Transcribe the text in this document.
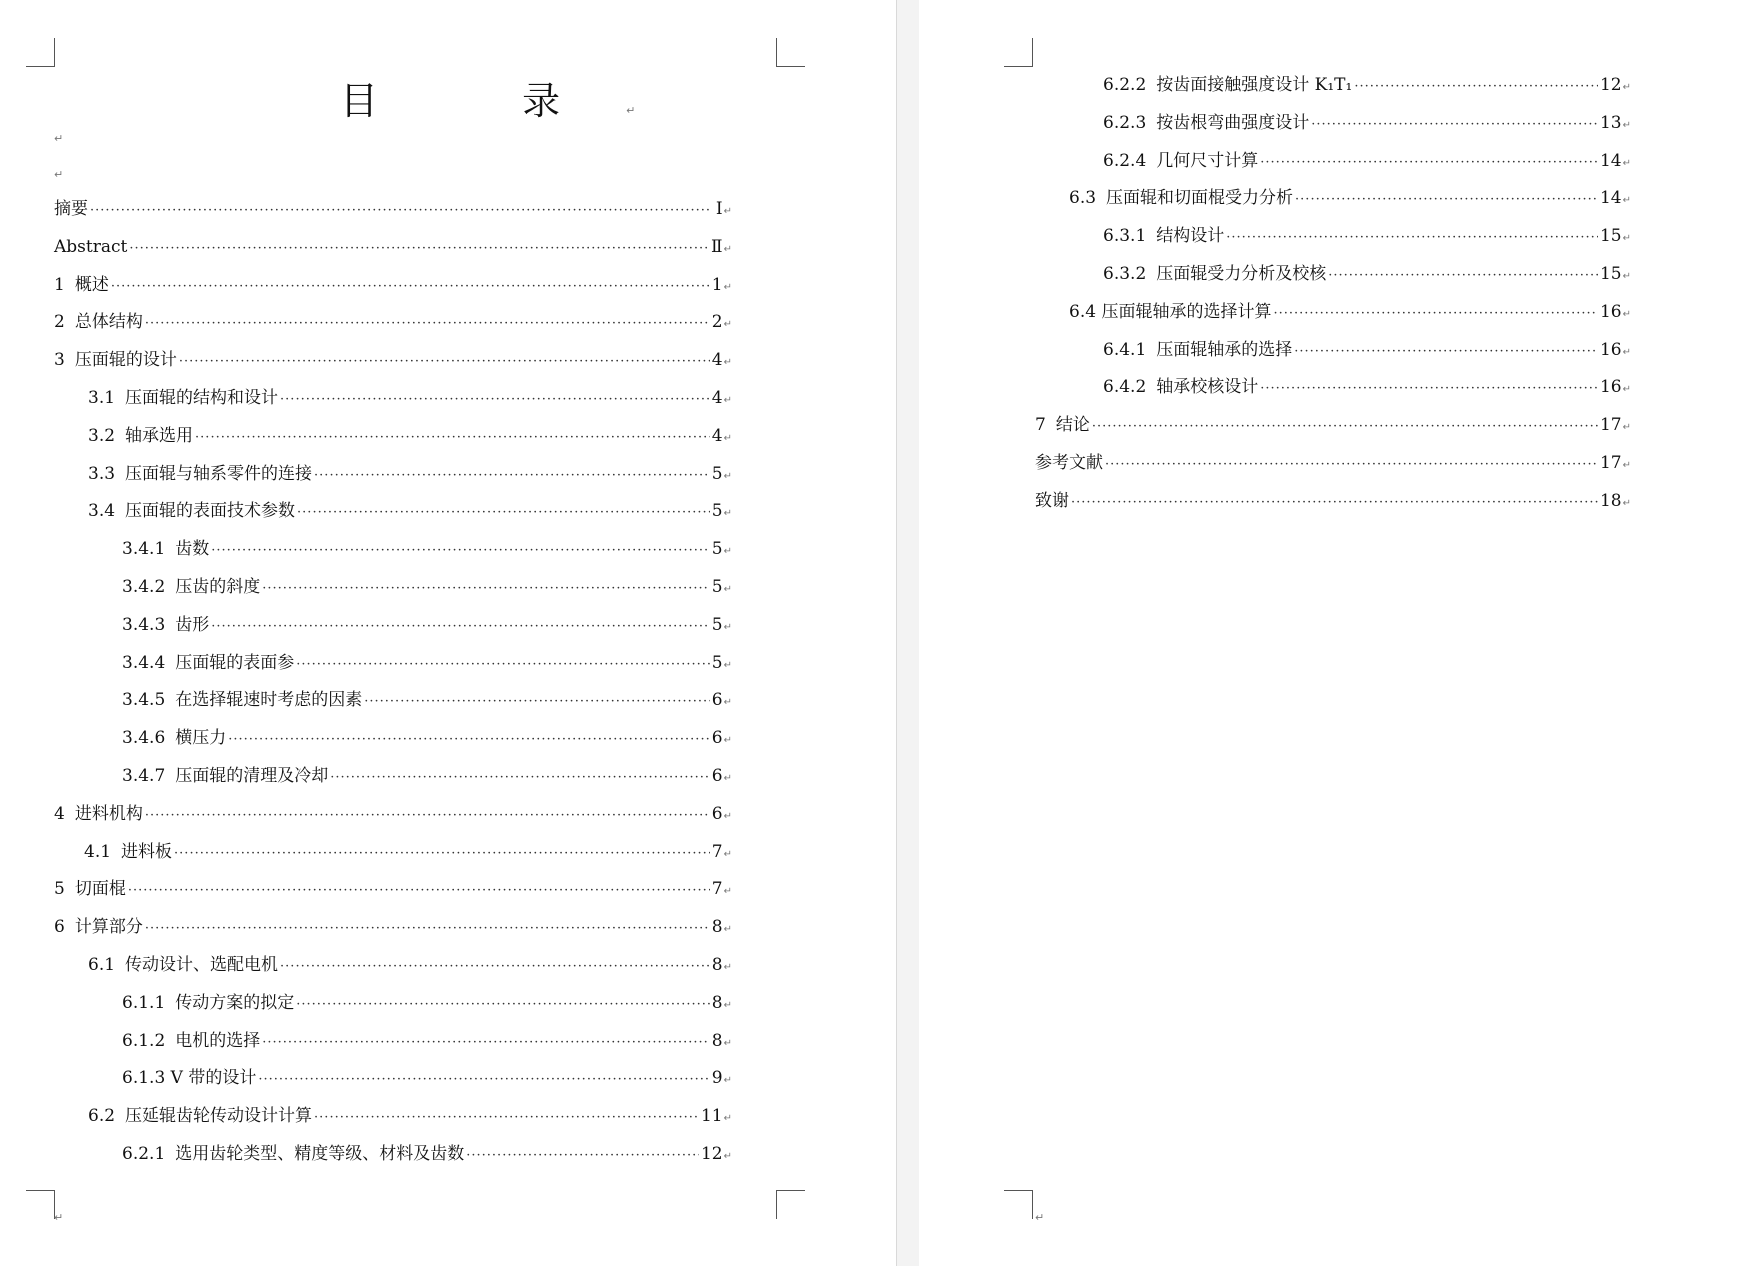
目 录↵
↵
↵
↵
摘要 ·····	Ⅰ ↵
Abstract ·····	Ⅱ ↵
1 概述 ·····	1 ↵
2 总体结构 ·····	2 ↵
3 压面辊的设计 ·····	4 ↵
3.1 压面辊的结构和设计 ·····	4 ↵
3.2 轴承选用 ·····	4 ↵
3.3 压面辊与轴系零件的连接 ·····	5 ↵
3.4 压面辊的表面技术参数 ·····	5 ↵
3.4.1 齿数 ·····	5 ↵
3.4.2 压齿的斜度 ·····	5 ↵
3.4.3 齿形 ·····	5 ↵
3.4.4 压面辊的表面参 ·····	5 ↵
3.4.5 在选择辊速时考虑的因素 ·····	6 ↵
3.4.6 横压力 ·····	6 ↵
3.4.7 压面辊的清理及冷却 ·····	6 ↵
4 进料机构 ·····	6 ↵
4.1 进料板 ·····	7 ↵
5 切面棍 ·····	7 ↵
6 计算部分 ·····	8 ↵
6.1 传动设计、选配电机 ·····	8 ↵
6.1.1 传动方案的拟定 ·····	8 ↵
6.1.2 电机的选择 ·····	8 ↵
6.1.3 V 带的设计 ·····	9 ↵
6.2 压延辊齿轮传动设计计算 ·····	11 ↵
6.2.1 选用齿轮类型、精度等级、材料及齿数 ·····	12 ↵
↵
6.2.2 按齿面接触强度设计 K₁T₁ ·····	12 ↵
6.2.3 按齿根弯曲强度设计 ·····	13 ↵
6.2.4 几何尺寸计算 ·····	14 ↵
6.3 压面辊和切面棍受力分析 ·····	14 ↵
6.3.1 结构设计 ·····	15 ↵
6.3.2 压面辊受力分析及校核 ·····	15 ↵
6.4 压面辊轴承的选择计算 ·····	16 ↵
6.4.1 压面辊轴承的选择 ·····	16 ↵
6.4.2 轴承校核设计 ·····	16 ↵
7 结论 ·····	17 ↵
参考文献 ·····	17 ↵
致谢 ·····	18 ↵
